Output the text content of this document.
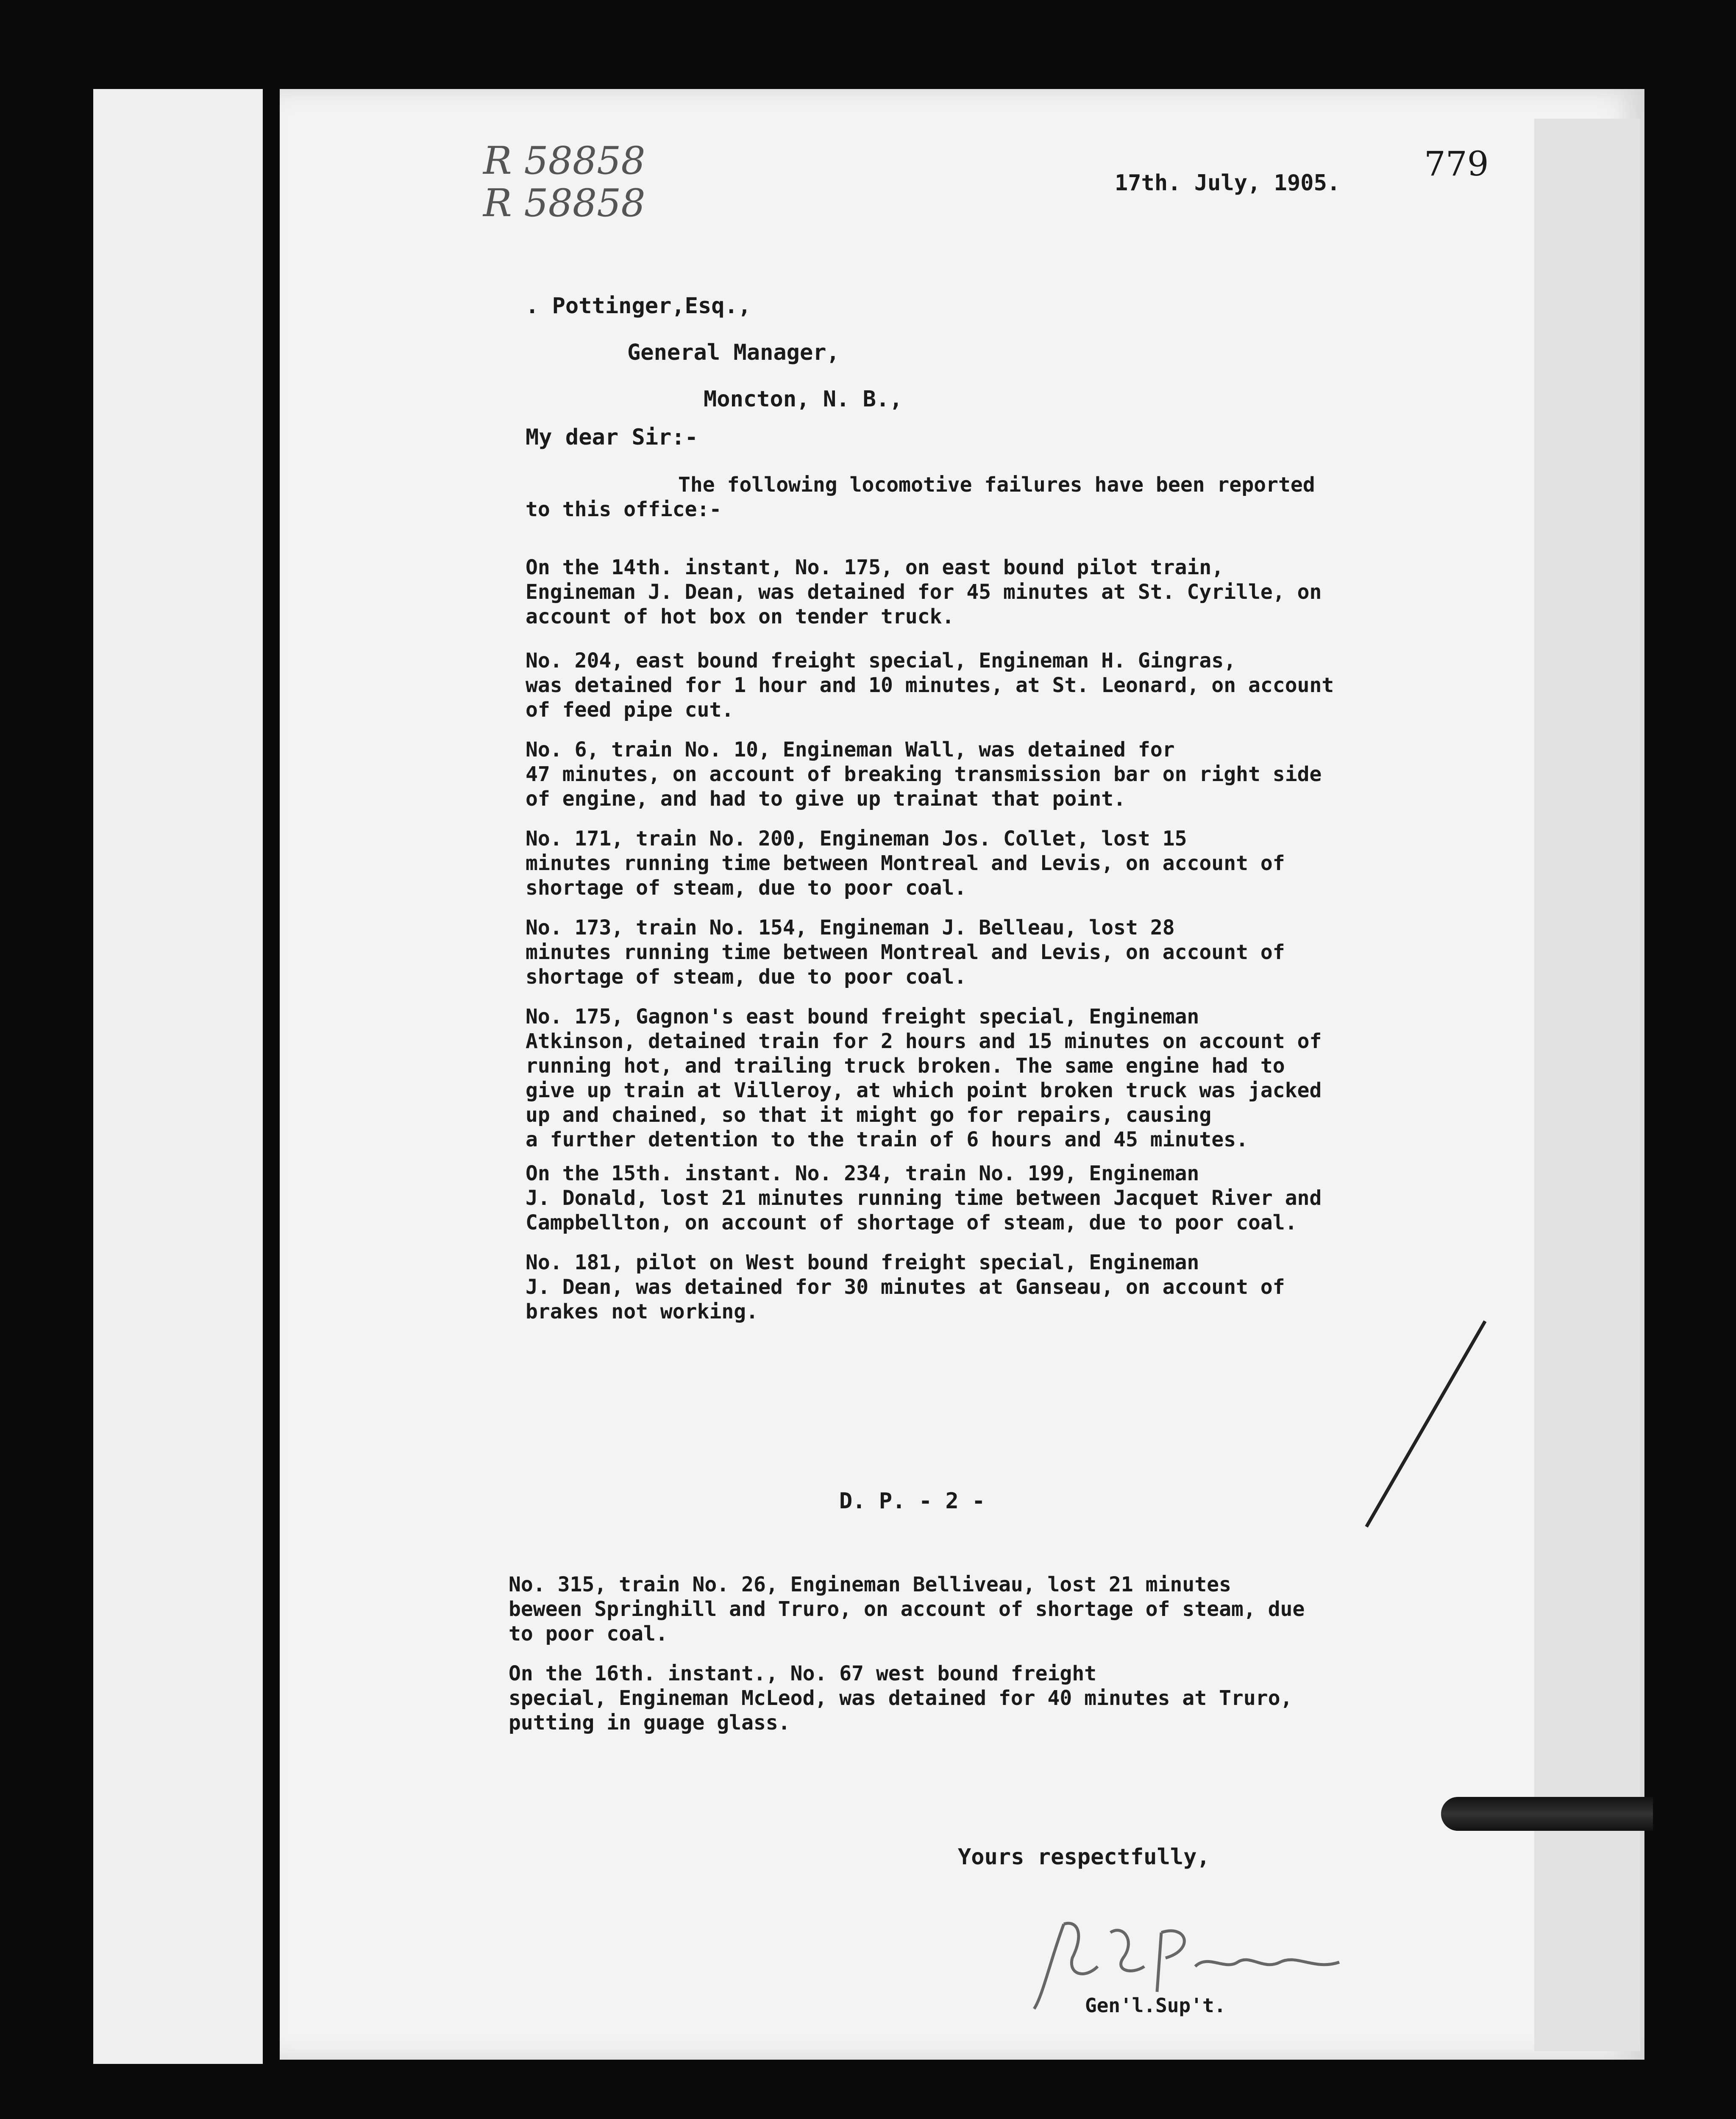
R 58858
R 58858
779
17th. July, 1905.
. Pottinger,Esq.,
General Manager,
Moncton, N. B.,
My dear Sir:-
The following locomotive failures have been reported
to this office:-
On the 14th. instant, No. 175, on east bound pilot train,
Engineman J. Dean, was detained for 45 minutes at St. Cyrille, on
account of hot box on tender truck.
No. 204, east bound freight special, Engineman H. Gingras,
was detained for 1 hour and 10 minutes, at St. Leonard, on account
of feed pipe cut.
No. 6, train No. 10, Engineman Wall, was detained for
47 minutes, on account of breaking transmission bar on right side
of engine, and had to give up trainat that point.
No. 171, train No. 200, Engineman Jos. Collet, lost 15
minutes running time between Montreal and Levis, on account of
shortage of steam, due to poor coal.
No. 173, train No. 154, Engineman J. Belleau, lost 28
minutes running time between Montreal and Levis, on account of
shortage of steam, due to poor coal.
No. 175, Gagnon's east bound freight special, Engineman
Atkinson, detained train for 2 hours and 15 minutes on account of
running hot, and trailing truck broken. The same engine had to
give up train at Villeroy, at which point broken truck was jacked
up and chained, so that it might go for repairs, causing
a further detention to the train of 6 hours and 45 minutes.
On the 15th. instant. No. 234, train No. 199, Engineman
J. Donald, lost 21 minutes running time between Jacquet River and
Campbellton, on account of shortage of steam, due to poor coal.
No. 181, pilot on West bound freight special, Engineman
J. Dean, was detained for 30 minutes at Ganseau, on account of
brakes not working.
D. P. - 2 -
No. 315, train No. 26, Engineman Belliveau, lost 21 minutes
beween Springhill and Truro, on account of shortage of steam, due
to poor coal.
On the 16th. instant., No. 67 west bound freight
special, Engineman McLeod, was detained for 40 minutes at Truro,
putting in guage glass.
Yours respectfully,
Gen'l.Sup't.
